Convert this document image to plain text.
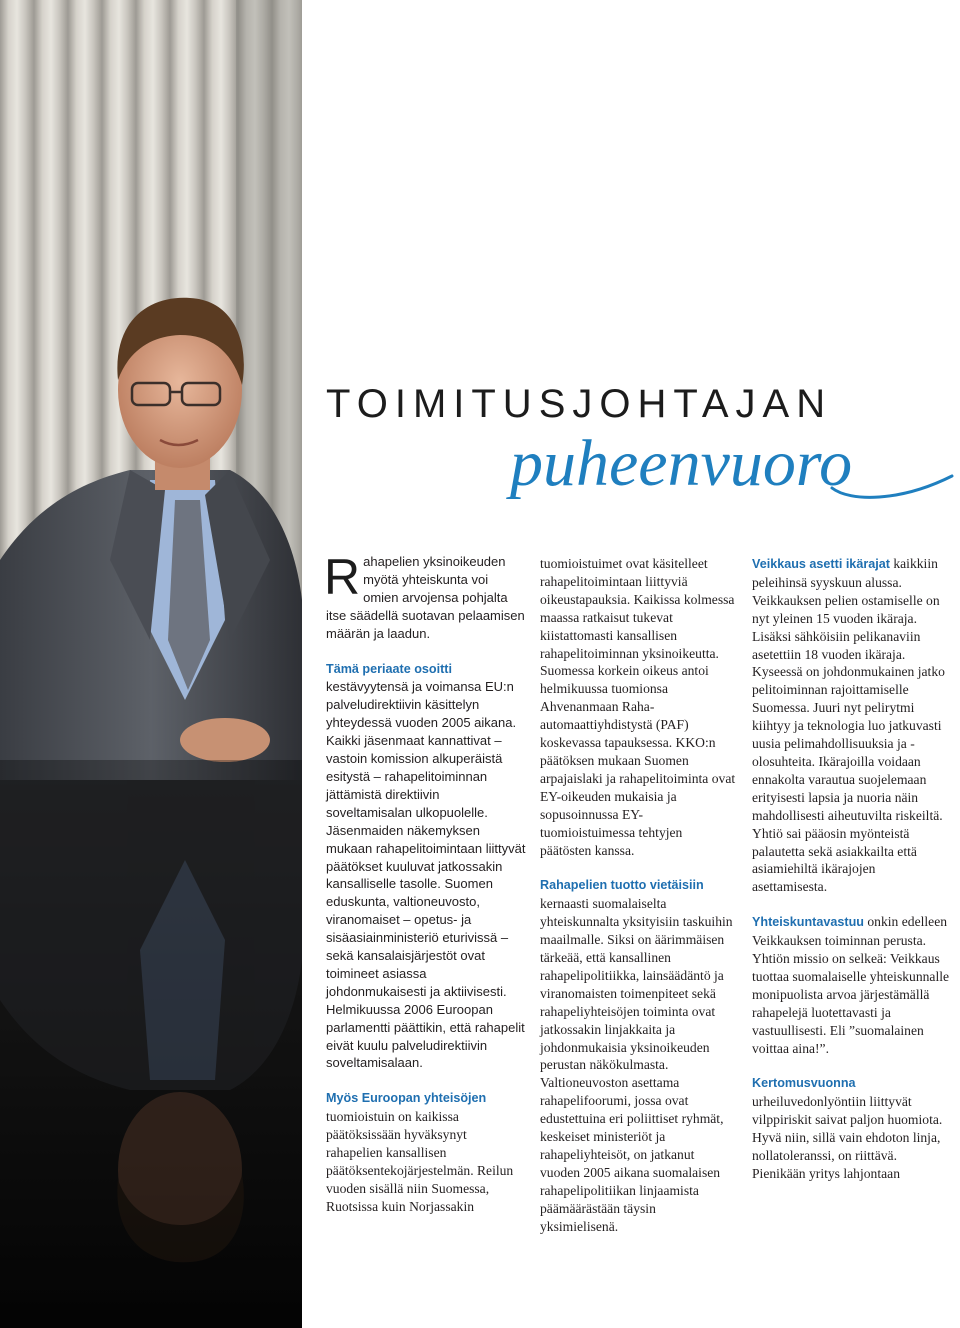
TOIMITUSJOHTAJAN
puheenvuoro

Rahapelien yksinoikeuden myötä yhteiskunta voi omien arvojensa pohjalta itse säädellä suotavan pelaamisen määrän ja laadun.

Tämä periaate osoitti kestävyytensä ja voimansa EU:n palveludirektiivin käsittelyn yhteydessä vuoden 2005 aikana. Kaikki jäsenmaat kannattivat – vastoin komission alkuperäistä esitystä – rahapelitoiminnan jättämistä direktiivin soveltamisalan ulkopuolelle. Jäsenmaiden näkemyksen mukaan rahapelitoimintaan liittyvät päätökset kuuluvat jatkossakin kansalliselle tasolle. Suomen eduskunta, valtioneuvosto, viranomaiset – opetus- ja sisäasiainministeriö eturivissä – sekä kansalaisjärjestöt ovat toimineet asiassa johdonmukaisesti ja aktiivisesti. Helmikuussa 2006 Euroopan parlamentti päättikin, että rahapelit eivät kuulu palveludirektiivin soveltamisalaan.

Myös Euroopan yhteisöjen tuomioistuin on kaikissa päätöksissään hyväksynyt rahapelien kansallisen päätöksentekojärjestelmän. Reilun vuoden sisällä niin Suomessa, Ruotsissa kuin Norjassakin

tuomioistuimet ovat käsitelleet rahapelitoimintaan liittyviä oikeustapauksia. Kaikissa kolmessa maassa ratkaisut tukevat kiistattomasti kansallisen rahapelitoiminnan yksinoikeutta. Suomessa korkein oikeus antoi helmikuussa tuomionsa Ahvenanmaan Raha-automaattiyhdistystä (PAF) koskevassa tapauksessa. KKO:n päätöksen mukaan Suomen arpajaislaki ja rahapelitoiminta ovat EY-oikeuden mukaisia ja sopusoinnussa EY-tuomioistuimessa tehtyjen päätösten kanssa.

Rahapelien tuotto vietäisiin kernaasti suomalaiselta yhteiskunnalta yksityisiin taskuihin maailmalle. Siksi on äärimmäisen tärkeää, että kansallinen rahapelipolitiikka, lainsäädäntö ja viranomaisten toimenpiteet sekä rahapeliyhteisöjen toiminta ovat jatkossakin linjakkaita ja johdonmukaisia yksinoikeuden perustan näkökulmasta. Valtioneuvoston asettama rahapelifoorumi, jossa ovat edustettuina eri poliittiset ryhmät, keskeiset ministeriöt ja rahapeliyhteisöt, on jatkanut vuoden 2005 aikana suomalaisen rahapelipolitiikan linjaamista päämäärästään täysin yksimielisenä.

Veikkaus asetti ikärajat kaikkiin peleihinsä syyskuun alussa. Veikkauksen pelien ostamiselle on nyt yleinen 15 vuoden ikäraja. Lisäksi sähköisiin pelikanaviin asetettiin 18 vuoden ikäraja. Kyseessä on johdonmukainen jatko pelitoiminnan rajoittamiselle Suomessa. Juuri nyt pelirytmi kiihtyy ja teknologia luo jatkuvasti uusia pelimahdollisuuksia ja -olosuhteita. Ikärajoilla voidaan ennakolta varautua suojelemaan erityisesti lapsia ja nuoria näin mahdollisesti aiheutuvilta riskeiltä. Yhtiö sai pääosin myönteistä palautetta sekä asiakkailta että asiamiehiltä ikärajojen asettamisesta.

Yhteiskuntavastuu onkin edelleen Veikkauksen toiminnan perusta. Yhtiön missio on selkeä: Veikkaus tuottaa suomalaiselle yhteiskunnalle monipuolista arvoa järjestämällä rahapelejä luotettavasti ja vastuullisesti. Eli ”suomalainen voittaa aina!”.

Kertomusvuonna urheiluvedonlyöntiin liittyvät vilppiriskit saivat paljon huomiota. Hyvä niin, sillä vain ehdoton linja, nollatoleranssi, on riittävä. Pienikään yritys lahjontaan
